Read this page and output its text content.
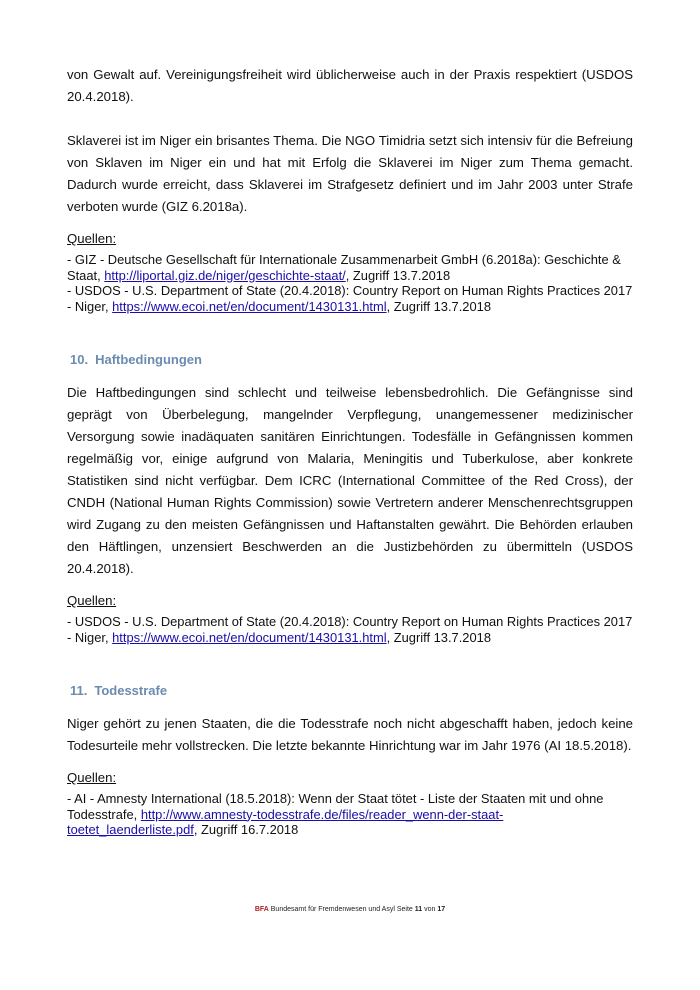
von Gewalt auf. Vereinigungsfreiheit wird üblicherweise auch in der Praxis respektiert (USDOS 20.4.2018).

Sklaverei ist im Niger ein brisantes Thema. Die NGO Timidria setzt sich intensiv für die Befreiung von Sklaven im Niger ein und hat mit Erfolg die Sklaverei im Niger zum Thema gemacht. Dadurch wurde erreicht, dass Sklaverei im Strafgesetz definiert und im Jahr 2003 unter Strafe verboten wurde (GIZ 6.2018a).

Quellen:

- GIZ - Deutsche Gesellschaft für Internationale Zusammenarbeit GmbH (6.2018a): Geschichte & Staat, http://liportal.giz.de/niger/geschichte-staat/, Zugriff 13.7.2018

- USDOS - U.S. Department of State (20.4.2018): Country Report on Human Rights Practices 2017 - Niger, https://www.ecoi.net/en/document/1430131.html, Zugriff 13.7.2018

10. Haftbedingungen

Die Haftbedingungen sind schlecht und teilweise lebensbedrohlich. Die Gefängnisse sind geprägt von Überbelegung, mangelnder Verpflegung, unangemessener medizinischer Versorgung sowie inadäquaten sanitären Einrichtungen. Todesfälle in Gefängnissen kommen regelmäßig vor, einige aufgrund von Malaria, Meningitis und Tuberkulose, aber konkrete Statistiken sind nicht verfügbar. Dem ICRC (International Committee of the Red Cross), der CNDH (National Human Rights Commission) sowie Vertretern anderer Menschenrechtsgruppen wird Zugang zu den meisten Gefängnissen und Haftanstalten gewährt. Die Behörden erlauben den Häftlingen, unzensiert Beschwerden an die Justizbehörden zu übermitteln (USDOS 20.4.2018).

Quellen:

- USDOS - U.S. Department of State (20.4.2018): Country Report on Human Rights Practices 2017 - Niger, https://www.ecoi.net/en/document/1430131.html, Zugriff 13.7.2018

11. Todesstrafe

Niger gehört zu jenen Staaten, die die Todesstrafe noch nicht abgeschafft haben, jedoch keine Todesurteile mehr vollstrecken. Die letzte bekannte Hinrichtung war im Jahr 1976 (AI 18.5.2018).

Quellen:

- AI - Amnesty International (18.5.2018): Wenn der Staat tötet - Liste der Staaten mit und ohne Todesstrafe, http://www.amnesty-todesstrafe.de/files/reader_wenn-der-staat-toetet_laenderliste.pdf, Zugriff 16.7.2018

BFA Bundesamt für Fremdenwesen und Asyl Seite 11 von 17
